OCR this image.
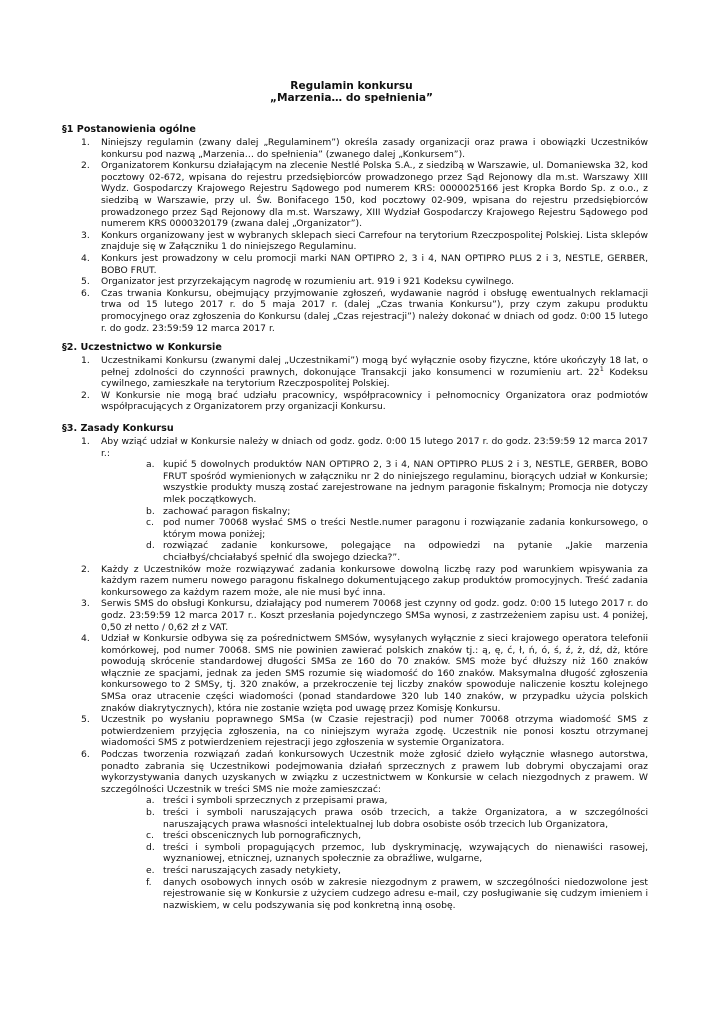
Regulamin konkursu
„Marzenia… do spełnienia”
§1 Postanowienia ogólne
1. Niniejszy regulamin (zwany dalej „Regulaminem”) określa zasady organizacji oraz prawa i obowiązki Uczestników konkursu pod nazwą „Marzenia… do spełnienia” (zwanego dalej „Konkursem”).
2. Organizatorem Konkursu działającym na zlecenie Nestlé Polska S.A., z siedzibą w Warszawie, ul. Domaniewska 32, kod pocztowy 02-672, wpisana do rejestru przedsiębiorców prowadzonego przez Sąd Rejonowy dla m.st. Warszawy XIII Wydz. Gospodarczy Krajowego Rejestru Sądowego pod numerem KRS: 0000025166 jest Kropka Bordo Sp. z o.o., z siedzibą w Warszawie, przy ul. Św. Bonifacego 150, kod pocztowy 02-909, wpisana do rejestru przedsiębiorców prowadzonego przez Sąd Rejonowy dla m.st. Warszawy, XIII Wydział Gospodarczy Krajowego Rejestru Sądowego pod numerem KRS 0000320179 (zwana dalej „Organizator”).
3. Konkurs organizowany jest w wybranych sklepach sieci Carrefour na terytorium Rzeczpospolitej Polskiej. Lista sklepów znajduje się w Załączniku 1 do niniejszego Regulaminu.
4. Konkurs jest prowadzony w celu promocji marki NAN OPTIPRO 2, 3 i 4, NAN OPTIPRO PLUS 2 i 3, NESTLE, GERBER, BOBO FRUT.
5. Organizator jest przyrzekającym nagrodę w rozumieniu art. 919 i 921 Kodeksu cywilnego.
6. Czas trwania Konkursu, obejmujący przyjmowanie zgłoszeń, wydawanie nagród i obsługę ewentualnych reklamacji trwa od 15 lutego 2017 r. do 5 maja 2017 r. (dalej „Czas trwania Konkursu”), przy czym zakupu produktu promocyjnego oraz zgłoszenia do Konkursu (dalej „Czas rejestracji”) należy dokonać w dniach od godz. 0:00 15 lutego r. do godz. 23:59:59 12 marca 2017 r.
§2. Uczestnictwo w Konkursie
1. Uczestnikami Konkursu (zwanymi dalej „Uczestnikami”) mogą być wyłącznie osoby fizyczne, które ukończyły 18 lat, o pełnej zdolności do czynności prawnych, dokonujące Transakcji jako konsumenci w rozumieniu art. $22^1$ Kodeksu cywilnego, zamieszkałe na terytorium Rzeczpospolitej Polskiej.
2. W Konkursie nie mogą brać udziału pracownicy, współpracownicy i pełnomocnicy Organizatora oraz podmiotów współpracujących z Organizatorem przy organizacji Konkursu.
§3. Zasady Konkursu
1. Aby wziąć udział w Konkursie należy w dniach od godz. godz. 0:00 15 lutego 2017 r. do godz. 23:59:59 12 marca 2017 r.:
a. kupić 5 dowolnych produktów NAN OPTIPRO 2, 3 i 4, NAN OPTIPRO PLUS 2 i 3, NESTLE, GERBER, BOBO FRUT spośród wymienionych w załączniku nr 2 do niniejszego regulaminu, biorących udział w Konkursie; wszystkie produkty muszą zostać zarejestrowane na jednym paragonie fiskalnym; Promocja nie dotyczy mlek początkowych.
b. zachować paragon fiskalny;
c. pod numer 70068 wysłać SMS o treści Nestle.numer paragonu i rozwiązanie zadania konkursowego, o którym mowa poniżej;
d. rozwiązać zadanie konkursowe, polegające na odpowiedzi na pytanie „Jakie marzenia chciałbyś/chciałabyś spełnić dla swojego dziecka?”.
2. Każdy z Uczestników może rozwiązywać zadania konkursowe dowolną liczbę razy pod warunkiem wpisywania za każdym razem numeru nowego paragonu fiskalnego dokumentującego zakup produktów promocyjnych. Treść zadania konkursowego za każdym razem może, ale nie musi być inna.
3. Serwis SMS do obsługi Konkursu, działający pod numerem 70068 jest czynny od godz. godz. 0:00 15 lutego 2017 r. do godz. 23:59:59 12 marca 2017 r.. Koszt przesłania pojedynczego SMSa wynosi, z zastrzeżeniem zapisu ust. 4 poniżej, 0,50 zł netto / 0,62 zł z VAT.
4. Udział w Konkursie odbywa się za pośrednictwem SMSów, wysyłanych wyłącznie z sieci krajowego operatora telefonii komórkowej, pod numer 70068. SMS nie powinien zawierać polskich znaków tj.: ą, ę, ć, ł, ń, ó, ś, ź, ż, dź, dż, które powodują skrócenie standardowej długości SMSa ze 160 do 70 znaków. SMS może być dłuższy niż 160 znaków włącznie ze spacjami, jednak za jeden SMS rozumie się wiadomość do 160 znaków. Maksymalna długość zgłoszenia konkursowego to 2 SMSy, tj. 320 znaków, a przekroczenie tej liczby znaków spowoduje naliczenie kosztu kolejnego SMSa oraz utracenie części wiadomości (ponad standardowe 320 lub 140 znaków, w przypadku użycia polskich znaków diakrytycznych), która nie zostanie wzięta pod uwagę przez Komisję Konkursu.
5. Uczestnik po wysłaniu poprawnego SMSa (w Czasie rejestracji) pod numer 70068 otrzyma wiadomość SMS z potwierdzeniem przyjęcia zgłoszenia, na co niniejszym wyraża zgodę. Uczestnik nie ponosi kosztu otrzymanej wiadomości SMS z potwierdzeniem rejestracji jego zgłoszenia w systemie Organizatora.
6. Podczas tworzenia rozwiązań zadań konkursowych Uczestnik może zgłosić dzieło wyłącznie własnego autorstwa, ponadto zabrania się Uczestnikowi podejmowania działań sprzecznych z prawem lub dobrymi obyczajami oraz wykorzystywania danych uzyskanych w związku z uczestnictwem w Konkursie w celach niezgodnych z prawem. W szczególności Uczestnik w treści SMS nie może zamieszczać:
a. treści i symboli sprzecznych z przepisami prawa,
b. treści i symboli naruszających prawa osób trzecich, a także Organizatora, a w szczególności naruszających prawa własności intelektualnej lub dobra osobiste osób trzecich lub Organizatora,
c. treści obscenicznych lub pornograficznych,
d. treści i symboli propagujących przemoc, lub dyskryminację, wzywających do nienawiści rasowej, wyznaniowej, etnicznej, uznanych społecznie za obraźliwe, wulgarne,
e. treści naruszających zasady netykiety,
f. danych osobowych innych osób w zakresie niezgodnym z prawem, w szczególności niedozwolone jest rejestrowanie się w Konkursie z użyciem cudzego adresu e-mail, czy posługiwanie się cudzym imieniem i nazwiskiem, w celu podszywania się pod konkretną inną osobę.
